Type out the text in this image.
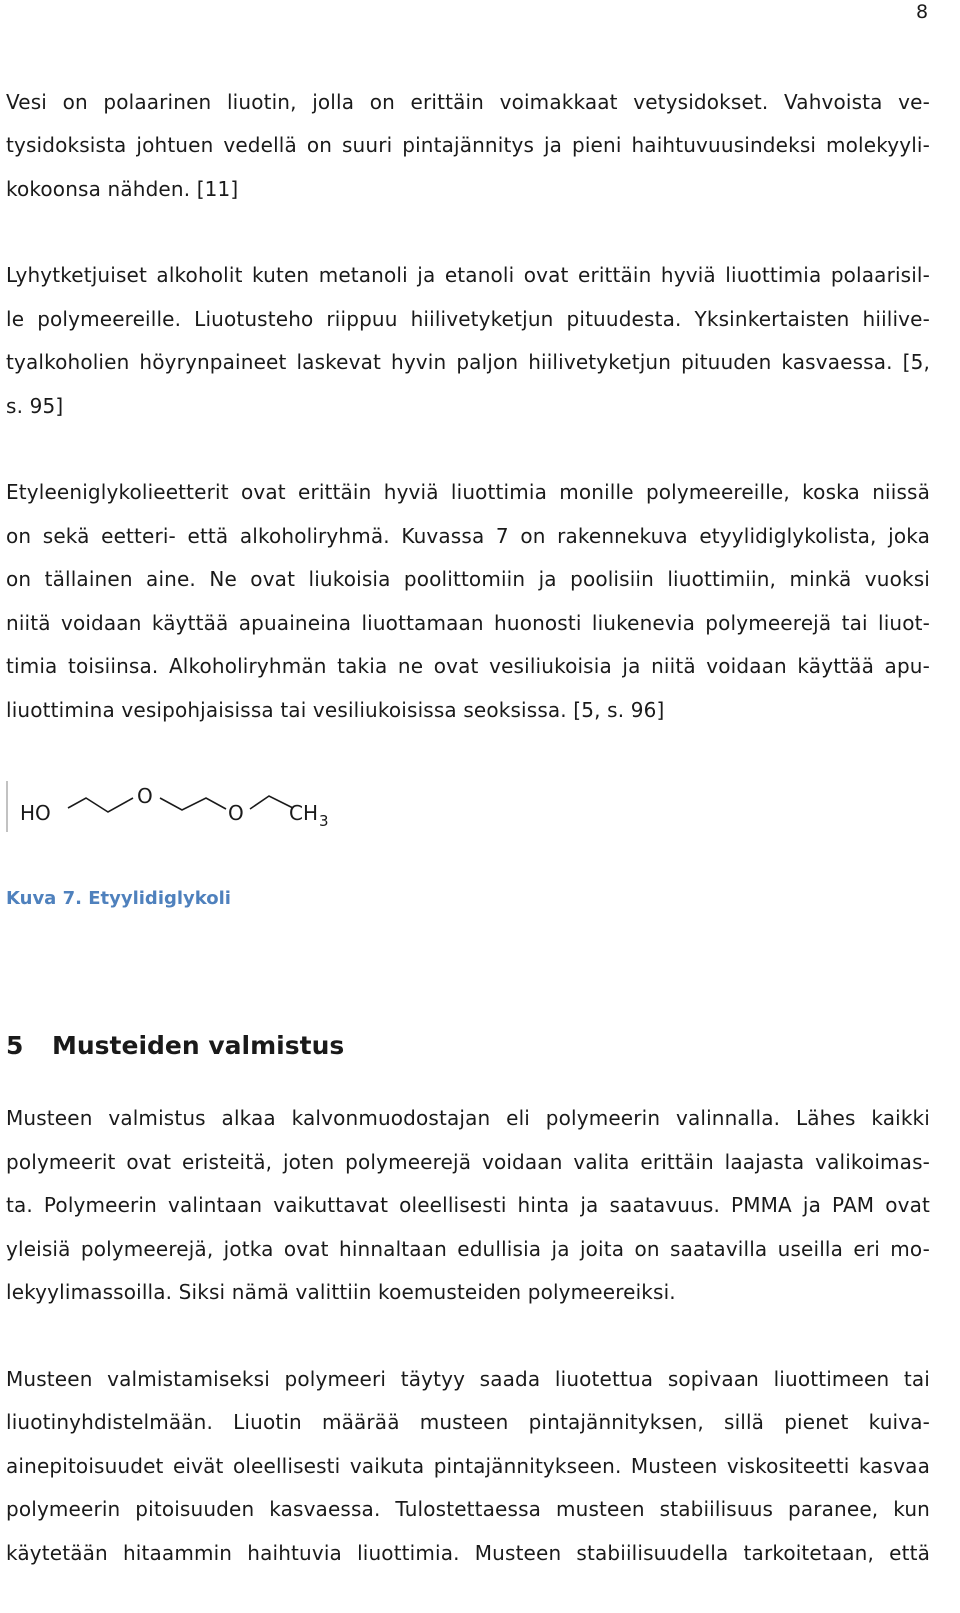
8
Vesi on polaarinen liuotin, jolla on erittäin voimakkaat vetysidokset. Vahvoista ve-
tysidoksista johtuen vedellä on suuri pintajännitys ja pieni haihtuvuusindeksi molekyyli-
kokoonsa nähden. [11]
Lyhytketjuiset alkoholit kuten metanoli ja etanoli ovat erittäin hyviä liuottimia polaarisil-
le polymeereille. Liuotusteho riippuu hiilivetyketjun pituudesta. Yksinkertaisten hiilive-
tyalkoholien höyrynpaineet laskevat hyvin paljon hiilivetyketjun pituuden kasvaessa. [5,
s. 95]
Etyleeniglykolieetterit ovat erittäin hyviä liuottimia monille polymeereille, koska niissä
on sekä eetteri- että alkoholiryhmä. Kuvassa 7 on rakennekuva etyylidiglykolista, joka
on tällainen aine. Ne ovat liukoisia poolittomiin ja poolisiin liuottimiin, minkä vuoksi
niitä voidaan käyttää apuaineina liuottamaan huonosti liukenevia polymeerejä tai liuot-
timia toisiinsa. Alkoholiryhmän takia ne ovat vesiliukoisia ja niitä voidaan käyttää apu-
liuottimina vesipohjaisissa tai vesiliukoisissa seoksissa. [5, s. 96]
HO
O
O CH 3
Kuva 7. Etyylidiglykoli
5 Musteiden valmistus
Musteen valmistus alkaa kalvonmuodostajan eli polymeerin valinnalla. Lähes kaikki
polymeerit ovat eristeitä, joten polymeerejä voidaan valita erittäin laajasta valikoimas-
ta. Polymeerin valintaan vaikuttavat oleellisesti hinta ja saatavuus. PMMA ja PAM ovat
yleisiä polymeerejä, jotka ovat hinnaltaan edullisia ja joita on saatavilla useilla eri mo-
lekyylimassoilla. Siksi nämä valittiin koemusteiden polymeereiksi.
Musteen valmistamiseksi polymeeri täytyy saada liuotettua sopivaan liuottimeen tai
liuotinyhdistelmään. Liuotin määrää musteen pintajännityksen, sillä pienet kuiva-
ainepitoisuudet eivät oleellisesti vaikuta pintajännitykseen. Musteen viskositeetti kasvaa
polymeerin pitoisuuden kasvaessa. Tulostettaessa musteen stabiilisuus paranee, kun
käytetään hitaammin haihtuvia liuottimia. Musteen stabiilisuudella tarkoitetaan, että
